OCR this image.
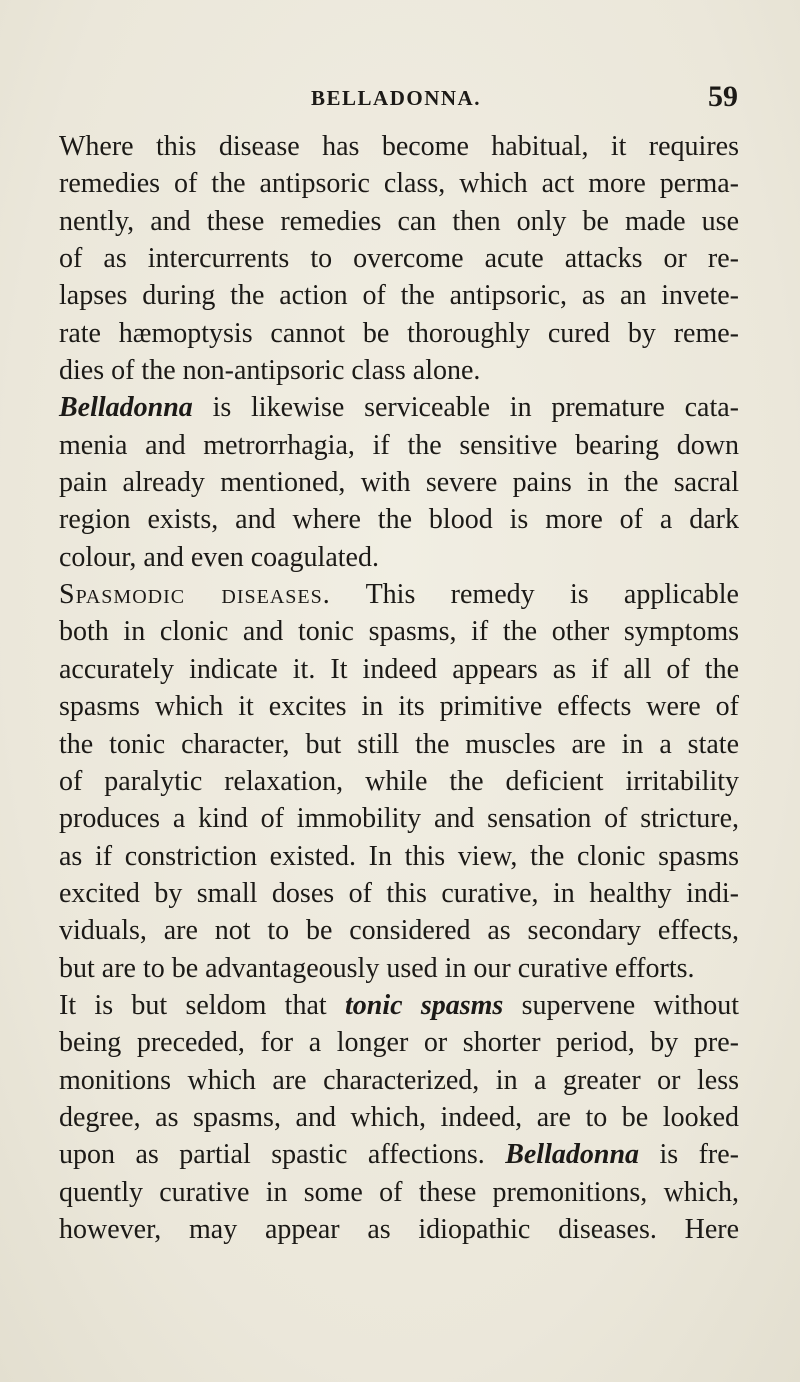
BELLADONNA.	59
Where this disease has become habitual, it requires
remedies of the antipsoric class, which act more perma-
nently, and these remedies can then only be made use
of as intercurrents to overcome acute attacks or re-
lapses during the action of the antipsoric, as an invete-
rate hæmoptysis cannot be thoroughly cured by reme-
dies of the non-antipsoric class alone.
Belladonna is likewise serviceable in premature cata-
menia and metrorrhagia, if the sensitive bearing down
pain already mentioned, with severe pains in the sacral
region exists, and where the blood is more of a dark
colour, and even coagulated.
Spasmodic diseases. This remedy is applicable
both in clonic and tonic spasms, if the other symptoms
accurately indicate it. It indeed appears as if all of the
spasms which it excites in its primitive effects were of
the tonic character, but still the muscles are in a state
of paralytic relaxation, while the deficient irritability
produces a kind of immobility and sensation of stricture,
as if constriction existed. In this view, the clonic spasms
excited by small doses of this curative, in healthy indi-
viduals, are not to be considered as secondary effects,
but are to be advantageously used in our curative efforts.
It is but seldom that tonic spasms supervene without
being preceded, for a longer or shorter period, by pre-
monitions which are characterized, in a greater or less
degree, as spasms, and which, indeed, are to be looked
upon as partial spastic affections. Belladonna is fre-
quently curative in some of these premonitions, which,
however, may appear as idiopathic diseases. Here
